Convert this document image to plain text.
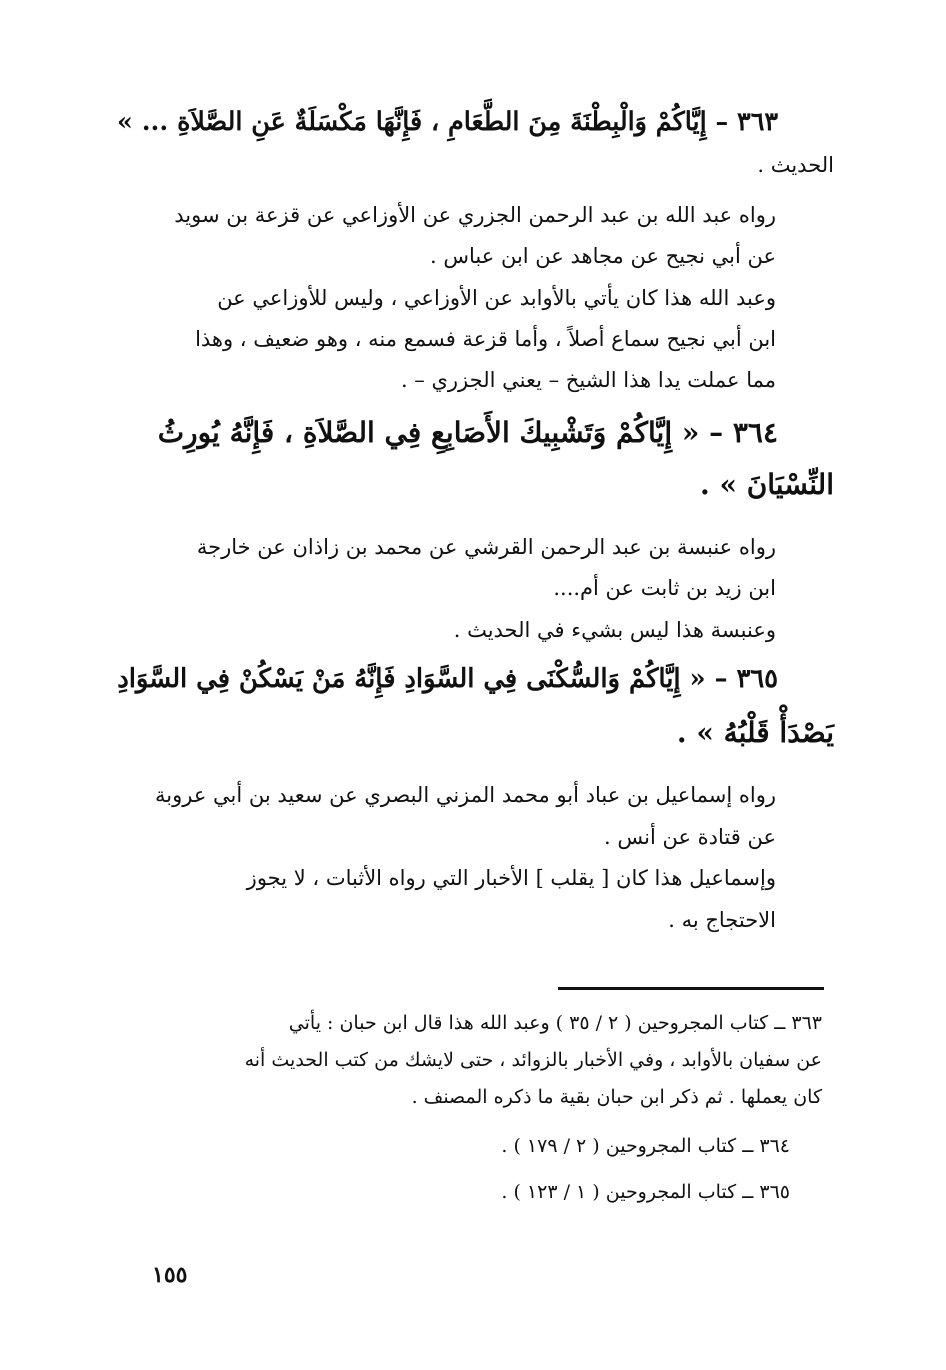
٣٦٣ – إِيَّاكُمْ وَالْبِطْنَةَ مِنَ الطَّعَامِ ، فَإِنَّهَا مَكْسَلَةٌ عَنِ الصَّلاَةِ ... »
الحديث .
رواه عبد الله بن عبد الرحمن الجزري عن الأوزاعي عن قزعة بن سويد
عن أبي نجيح عن مجاهد عن ابن عباس .
وعبد الله هذا كان يأتي بالأوابد عن الأوزاعي ، وليس للأوزاعي عن
ابن أبي نجيح سماع أصلاً ، وأما قزعة فسمع منه ، وهو ضعيف ، وهذا
مما عملت يدا هذا الشيخ – يعني الجزري – .
٣٦٤ – « إِيَّاكُمْ وَتَشْبِيكَ الأَصَابِعِ فِي الصَّلاَةِ ، فَإِنَّهُ يُورِثُ
النِّسْيَانَ » .
رواه عنبسة بن عبد الرحمن القرشي عن محمد بن زاذان عن خارجة
ابن زيد بن ثابت عن أم....
وعنبسة هذا ليس بشيء في الحديث .
٣٦٥ – « إِيَّاكُمْ وَالسُّكْنَى فِي السَّوَادِ فَإِنَّهُ مَنْ يَسْكُنْ فِي السَّوَادِ
يَصْدَأْ قَلْبُهُ » .
رواه إسماعيل بن عباد أبو محمد المزني البصري عن سعيد بن أبي عروبة
عن قتادة عن أنس .
وإسماعيل هذا كان [ يقلب ] الأخبار التي رواه الأثبات ، لا يجوز
الاحتجاج به .
٣٦٣ ــ كتاب المجروحين ( ٢ / ٣٥ ) وعبد الله هذا قال ابن حبان : يأتي
عن سفيان بالأوابد ، وفي الأخبار بالزوائد ، حتى لايشك من كتب الحديث أنه
كان يعملها . ثم ذكر ابن حبان بقية ما ذكره المصنف .
٣٦٤ ــ كتاب المجروحين ( ٢ / ١٧٩ ) .
٣٦٥ ــ كتاب المجروحين ( ١ / ١٢٣ ) .
١٥٥
